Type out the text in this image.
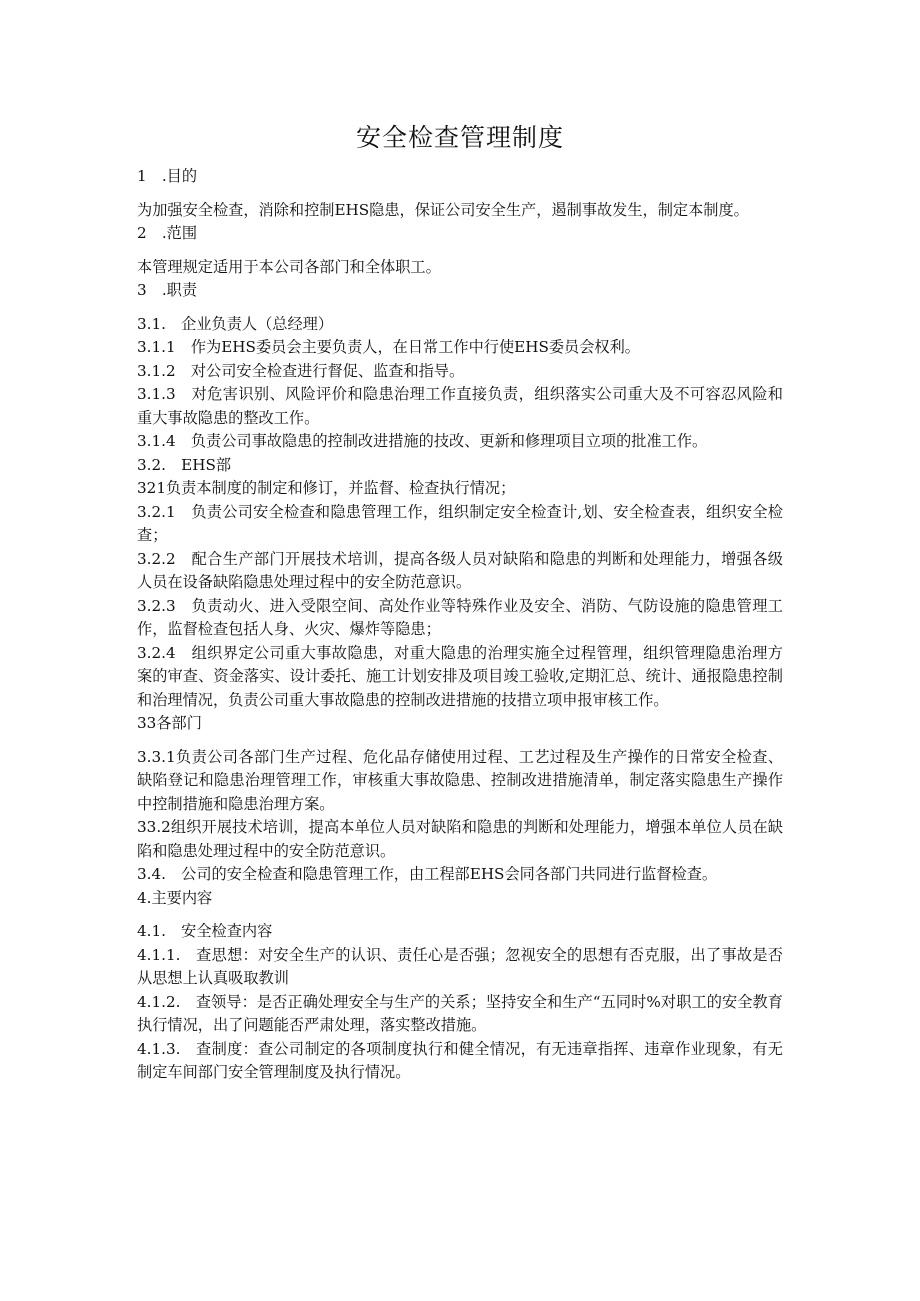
安全检查管理制度

1　.目的

为加强安全检查，消除和控制EHS隐患，保证公司安全生产，遏制事故发生，制定本制度。

2　.范围

本管理规定适用于本公司各部门和全体职工。

3　.职责

3.1.　企业负责人（总经理）

3.1.1　作为EHS委员会主要负责人，在日常工作中行使EHS委员会权利。

3.1.2　对公司安全检查进行督促、监查和指导。

3.1.3　对危害识别、风险评价和隐患治理工作直接负责，组织落实公司重大及不可容忍风险和重大事故隐患的整改工作。

3.1.4　负责公司事故隐患的控制改进措施的技改、更新和修理项目立项的批准工作。

3.2.　EHS部

321负责本制度的制定和修订，并监督、检查执行情况；

3.2.1　负责公司安全检查和隐患管理工作，组织制定安全检查计,划、安全检查表，组织安全检查；

3.2.2　配合生产部门开展技术培训，提高各级人员对缺陷和隐患的判断和处理能力，增强各级人员在设备缺陷隐患处理过程中的安全防范意识。

3.2.3　负责动火、进入受限空间、高处作业等特殊作业及安全、消防、气防设施的隐患管理工作，监督检查包括人身、火灾、爆炸等隐患；

3.2.4　组织界定公司重大事故隐患，对重大隐患的治理实施全过程管理，组织管理隐患治理方案的审查、资金落实、设计委托、施工计划安排及项目竣工验收,定期汇总、统计、通报隐患控制和治理情况，负责公司重大事故隐患的控制改进措施的技措立项申报审核工作。

33各部门

3.3.1负责公司各部门生产过程、危化品存储使用过程、工艺过程及生产操作的日常安全检查、缺陷登记和隐患治理管理工作，审核重大事故隐患、控制改进措施清单，制定落实隐患生产操作中控制措施和隐患治理方案。

33.2组织开展技术培训，提高本单位人员对缺陷和隐患的判断和处理能力，增强本单位人员在缺陷和隐患处理过程中的安全防范意识。

3.4.　公司的安全检查和隐患管理工作，由工程部EHS会同各部门共同进行监督检查。

4.主要内容

4.1.　安全检查内容

4.1.1.　查思想：对安全生产的认识、责任心是否强；忽视安全的思想有否克服，出了事故是否从思想上认真吸取教训

4.1.2.　查领导：是否正确处理安全与生产的关系；坚持安全和生产“五同时%对职工的安全教育执行情况，出了问题能否严肃处理，落实整改措施。

4.1.3.　查制度：查公司制定的各项制度执行和健全情况，有无违章指挥、违章作业现象，有无制定车间部门安全管理制度及执行情况。
